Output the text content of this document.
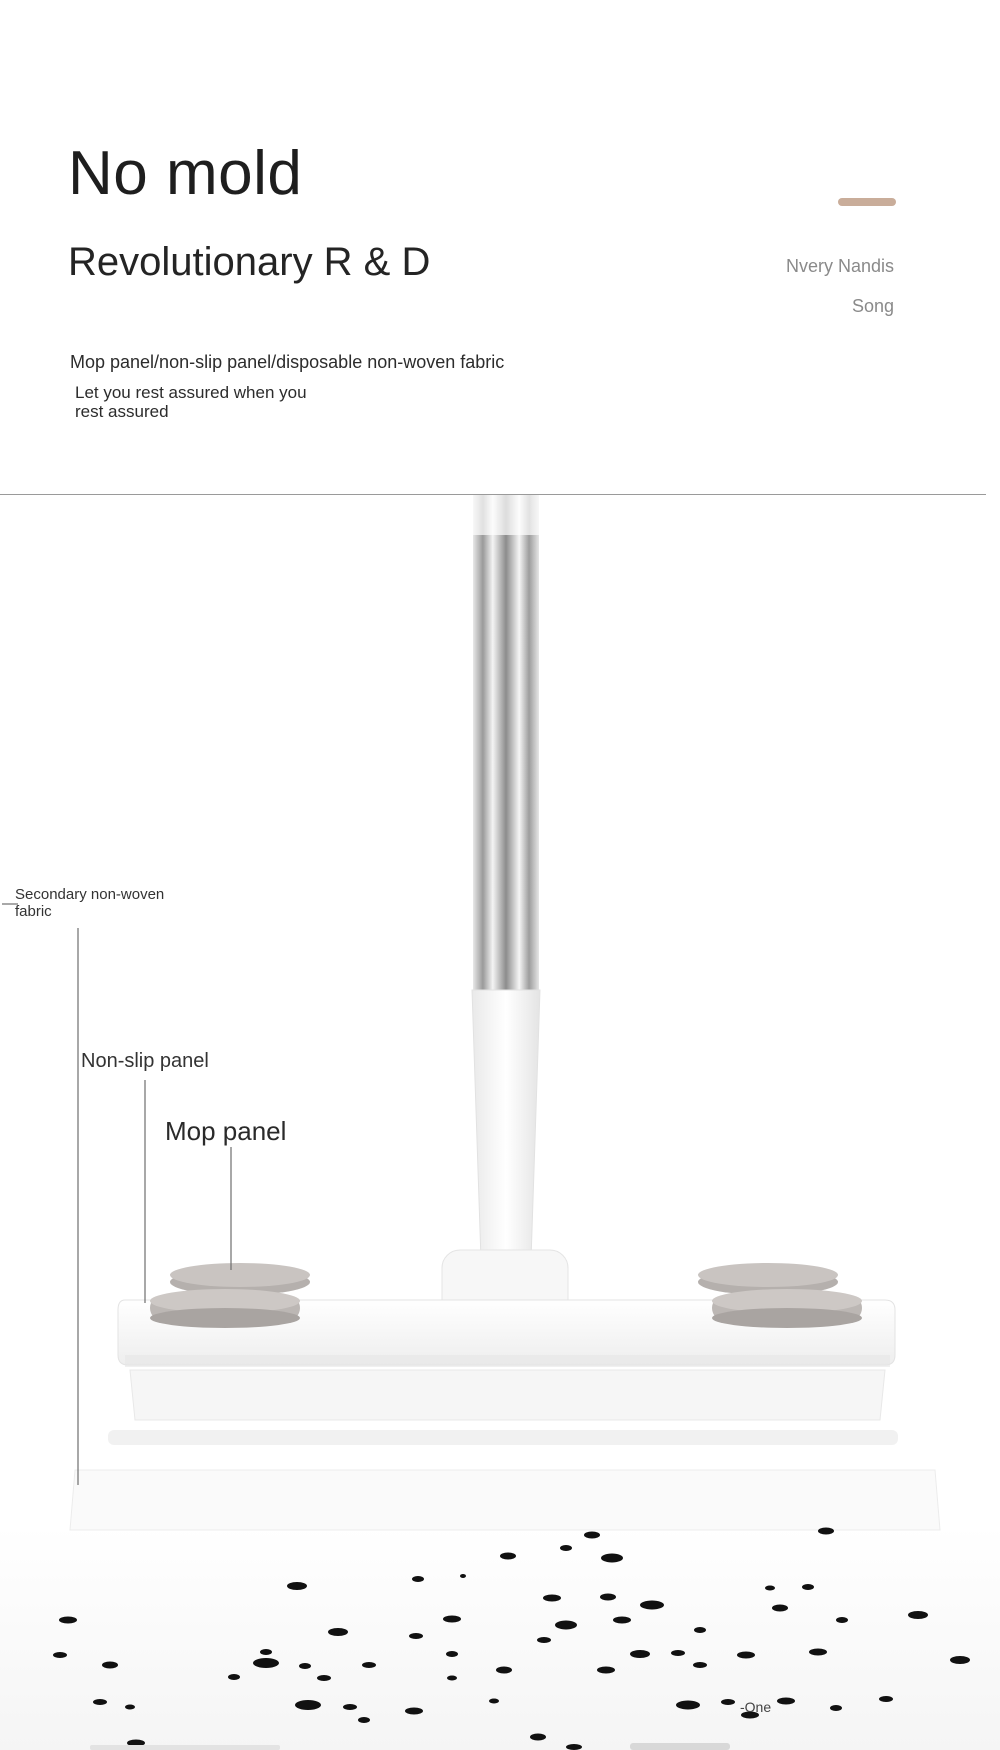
No mold
Revolutionary R & D	Nvery Nandis
Song
Mop panel/non-slip panel/disposable non-woven fabric
Let you rest assured when you
rest assured
Secondary non-woven
fabric
Non-slip panel
Mop panel
-One
